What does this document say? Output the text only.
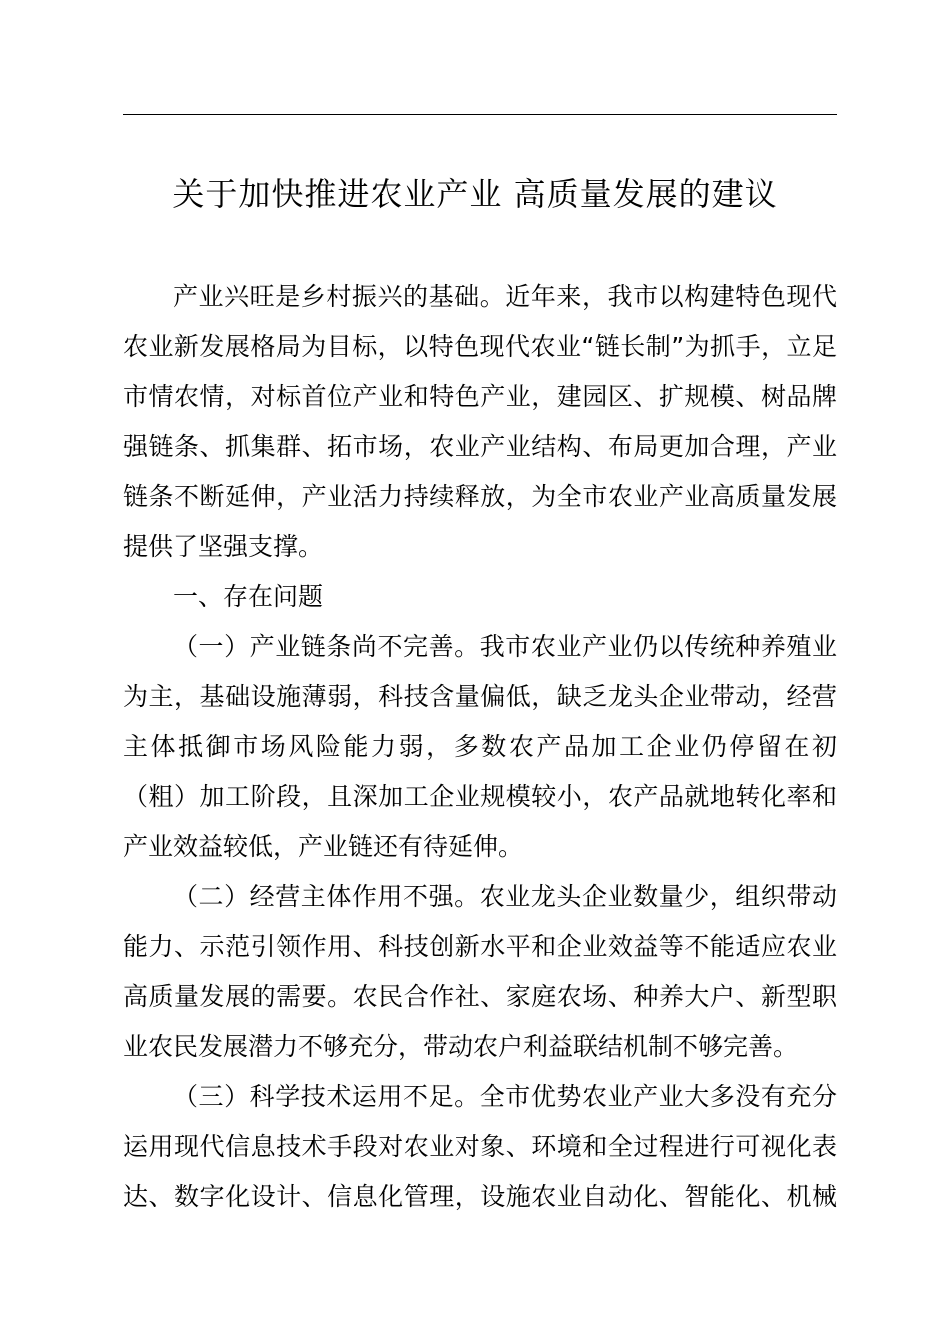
关于加快推进农业产业 高质量发展的建议
产业兴旺是乡村振兴的基础。近年来，我市以构建特色现代
农业新发展格局为目标，以特色现代农业“链长制”为抓手，立足
市情农情，对标首位产业和特色产业，建园区、扩规模、树品牌
强链条、抓集群、拓市场，农业产业结构、布局更加合理，产业
链条不断延伸，产业活力持续释放，为全市农业产业高质量发展
提供了坚强支撑。
一、存在问题
（一）产业链条尚不完善。我市农业产业仍以传统种养殖业
为主，基础设施薄弱，科技含量偏低，缺乏龙头企业带动，经营
主体抵御市场风险能力弱，多数农产品加工企业仍停留在初
（粗）加工阶段，且深加工企业规模较小，农产品就地转化率和
产业效益较低，产业链还有待延伸。
（二）经营主体作用不强。农业龙头企业数量少，组织带动
能力、示范引领作用、科技创新水平和企业效益等不能适应农业
高质量发展的需要。农民合作社、家庭农场、种养大户、新型职
业农民发展潜力不够充分，带动农户利益联结机制不够完善。
（三）科学技术运用不足。全市优势农业产业大多没有充分
运用现代信息技术手段对农业对象、环境和全过程进行可视化表
达、数字化设计、信息化管理，设施农业自动化、智能化、机械
